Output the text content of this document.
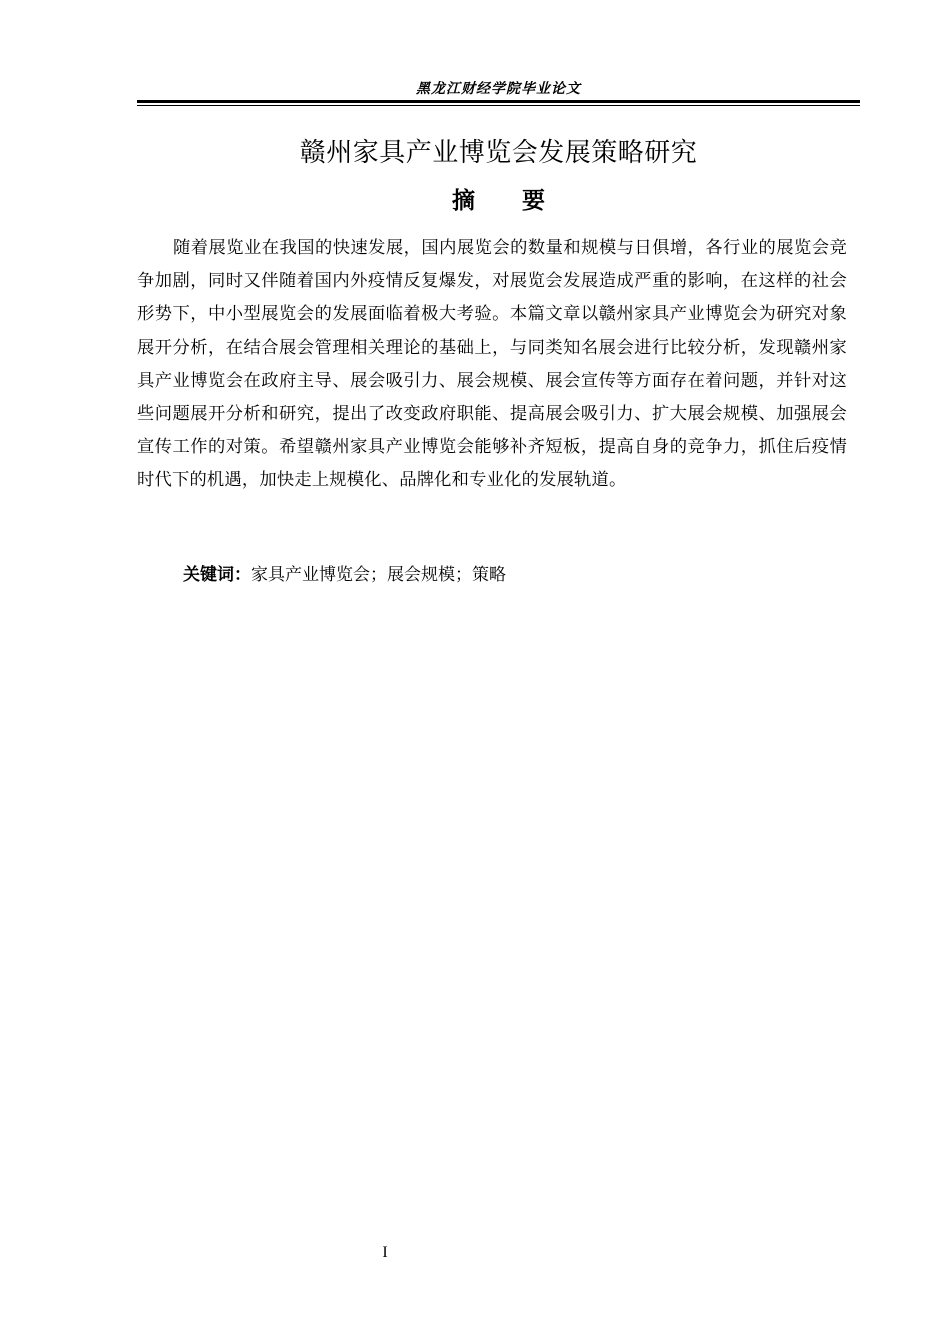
黑龙江财经学院毕业论文
赣州家具产业博览会发展策略研究
摘要

随着展览业在我国的快速发展，国内展览会的数量和规模与日俱增，各行业的展览会竞争加剧，同时又伴随着国内外疫情反复爆发，对展览会发展造成严重的影响，在这样的社会形势下，中小型展览会的发展面临着极大考验。本篇文章以赣州家具产业博览会为研究对象展开分析，在结合展会管理相关理论的基础上，与同类知名展会进行比较分析，发现赣州家具产业博览会在政府主导、展会吸引力、展会规模、展会宣传等方面存在着问题，并针对这些问题展开分析和研究，提出了改变政府职能、提高展会吸引力、扩大展会规模、加强展会宣传工作的对策。希望赣州家具产业博览会能够补齐短板，提高自身的竞争力，抓住后疫情时代下的机遇，加快走上规模化、品牌化和专业化的发展轨道。

关键词：家具产业博览会；展会规模；策略
I
